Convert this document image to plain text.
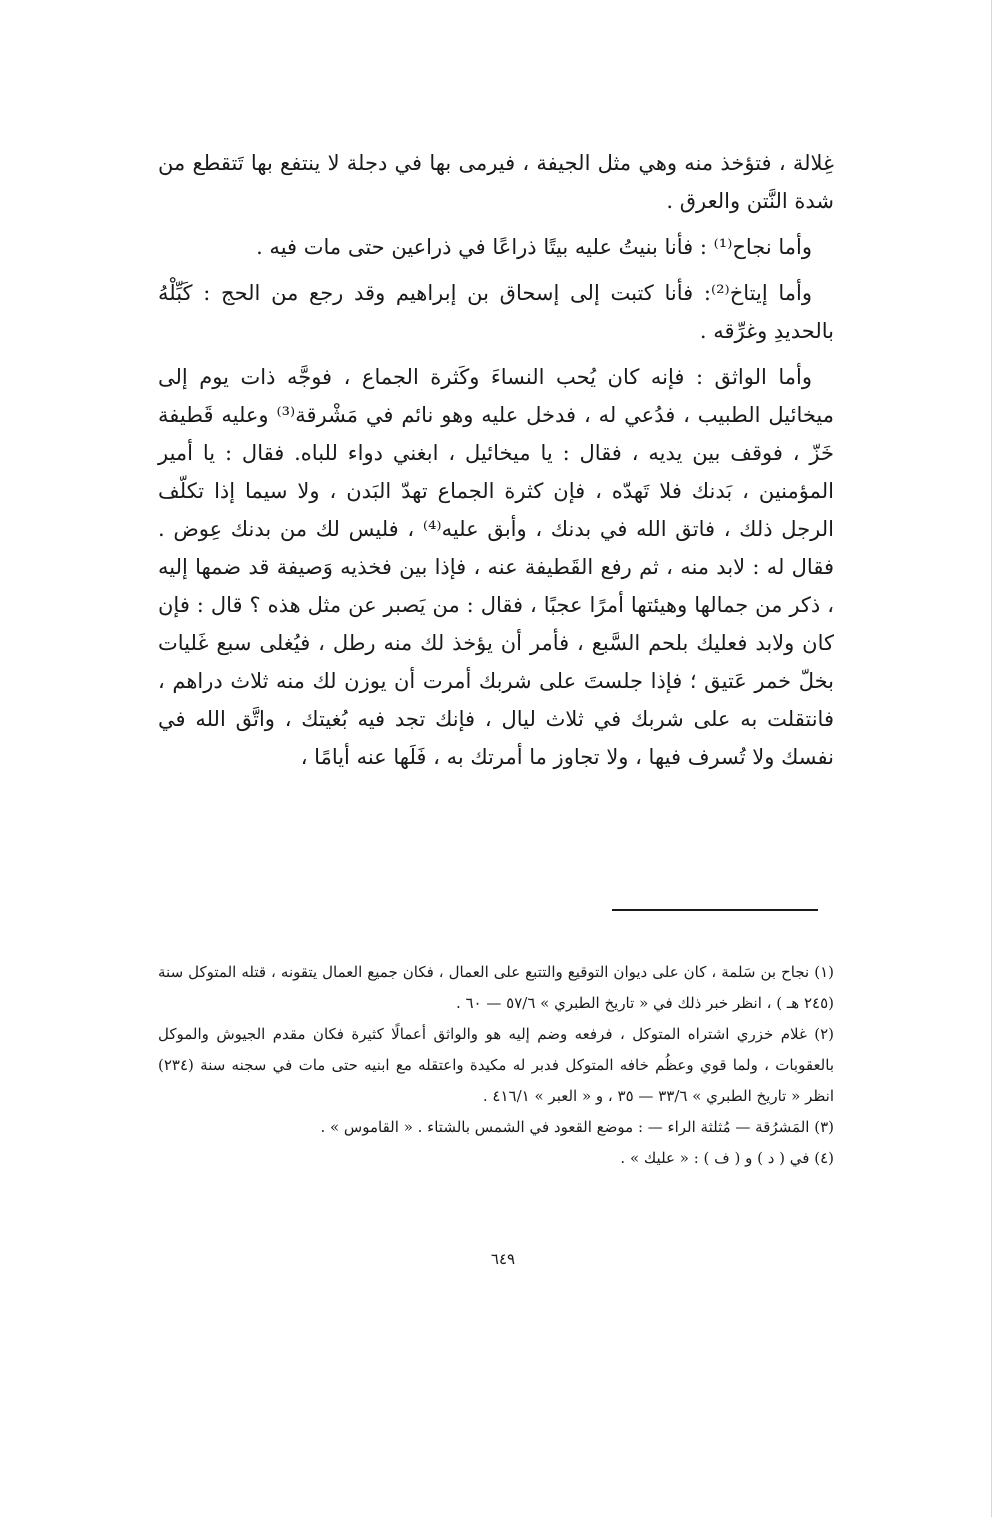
غِلالة ، فتؤخذ منه وهي مثل الجيفة ، فيرمى بها في دجلة لا ينتفع بها تَتقطع من شدة النَّتن والعرق .

وأما نجاح⁽¹⁾ : فأنا بنيتُ عليه بيتًا ذراعًا في ذراعين حتى مات فيه .

وأما إيتاخ⁽²⁾: فأنا كتبت إلى إسحاق بن إبراهيم وقد رجع من الحج : كَبِّلْهُ بالحديدِ وغرِّقه .

وأما الواثق : فإنه كان يُحب النساءَ وكَثرة الجماع ، فوجَّه ذات يوم إلى ميخائيل الطبيب ، فدُعي له ، فدخل عليه وهو نائم في مَشْرقة⁽³⁾ وعليه قَطيفة خَزّ ، فوقف بين يديه ، فقال : يا ميخائيل ، ابغني دواء للباه. فقال : يا أمير المؤمنين ، بَدنك فلا تَهدّه ، فإن كثرة الجماع تهدّ البَدن ، ولا سيما إذا تكلّف الرجل ذلك ، فاتق الله في بدنك ، وأبق عليه⁽⁴⁾ ، فليس لك من بدنك عِوض . فقال له : لابد منه ، ثم رفع القَطيفة عنه ، فإذا بين فخذيه وَصيفة قد ضمها إليه ، ذكر من جمالها وهيئتها أمرًا عجبًا ، فقال : من يَصبر عن مثل هذه ؟ قال : فإن كان ولابد فعليك بلحم السَّبع ، فأمر أن يؤخذ لك منه رطل ، فيُغلى سبع غَليات بخلّ خمر عَتيق ؛ فإذا جلستَ على شربك أمرت أن يوزن لك منه ثلاث دراهم ، فانتقلت به على شربك في ثلاث ليال ، فإنك تجد فيه بُغيتك ، واتَّق الله في نفسك ولا تُسرف فيها ، ولا تجاوز ما أمرتك به ، فَلَها عنه أيامًا ،

(١) نجاح بن سَلمة ، كان على ديوان التوقيع والتتبع على العمال ، فكان جميع العمال يتقونه ، قتله المتوكل سنة (٢٤٥ هـ ) ، انظر خبر ذلك في « تاريخ الطبري » ٥٧/٦ — ٦٠ .

(٢) غلام خزري اشتراه المتوكل ، فرفعه وضم إليه هو والواثق أعمالًا كثيرة فكان مقدم الجيوش والموكل بالعقوبات ، ولما قوي وعظُم خافه المتوكل فدبر له مكيدة واعتقله مع ابنيه حتى مات في سجنه سنة (٢٣٤) انظر « تاريخ الطبري » ٣٣/٦ — ٣٥ ، و « العبر » ٤١٦/١ .

(٣) المَشرُقة — مُثلثة الراء — : موضع القعود في الشمس بالشتاء . « القاموس » .

(٤) في ( د ) و ( ف ) : « عليك » .

٦٤٩
